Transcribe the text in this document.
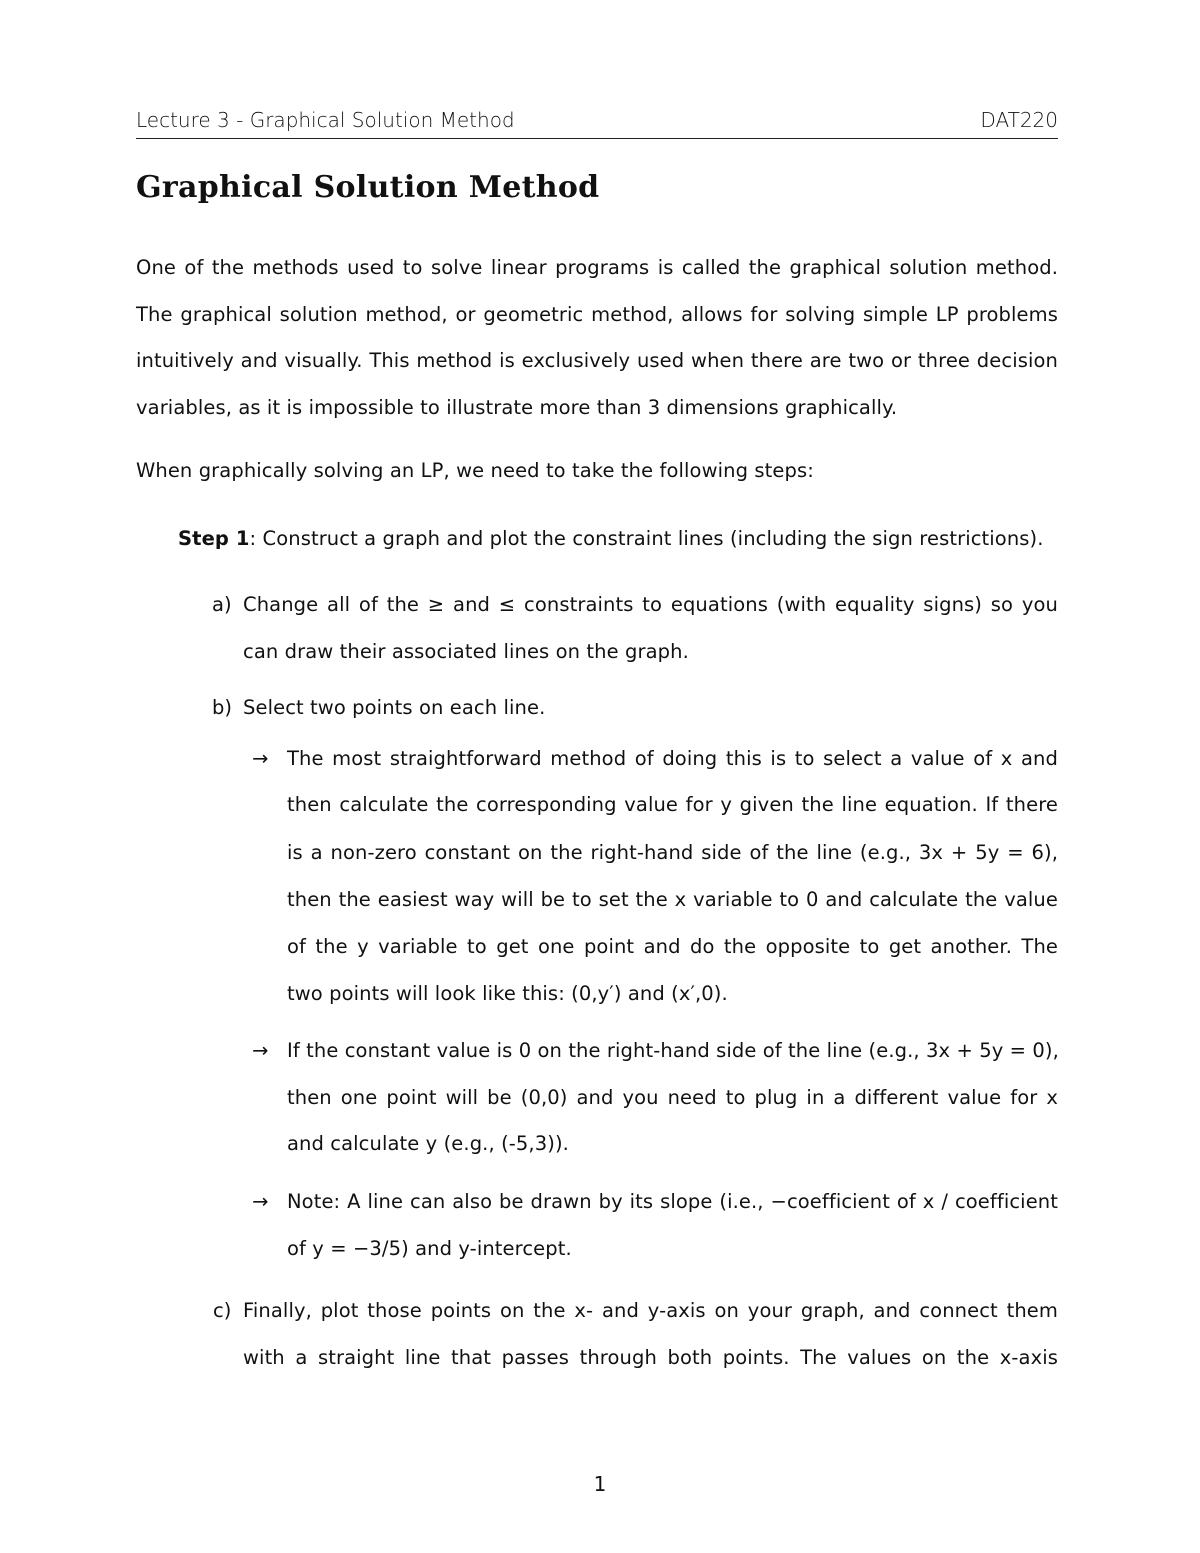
Lecture 3 - Graphical Solution Method	DAT220
Graphical Solution Method
One of the methods used to solve linear programs is called the graphical solution method.
The graphical solution method, or geometric method, allows for solving simple LP problems
intuitively and visually. This method is exclusively used when there are two or three decision
variables, as it is impossible to illustrate more than 3 dimensions graphically.
When graphically solving an LP, we need to take the following steps:
Step 1: Construct a graph and plot the constraint lines (including the sign restrictions).
a) Change all of the ≥ and ≤ constraints to equations (with equality signs) so you
can draw their associated lines on the graph.
b) Select two points on each line.
→ The most straightforward method of doing this is to select a value of x and
then calculate the corresponding value for y given the line equation. If there
is a non-zero constant on the right-hand side of the line (e.g., 3x + 5y = 6),
then the easiest way will be to set the x variable to 0 and calculate the value
of the y variable to get one point and do the opposite to get another. The
two points will look like this: (0,y′) and (x′,0).
→ If the constant value is 0 on the right-hand side of the line (e.g., 3x + 5y = 0),
then one point will be (0,0) and you need to plug in a different value for x
and calculate y (e.g., (-5,3)).
→ Note: A line can also be drawn by its slope (i.e., −coefficient of x / coefficient
of y = −3/5) and y-intercept.
c) Finally, plot those points on the x- and y-axis on your graph, and connect them
with a straight line that passes through both points. The values on the x-axis
1
